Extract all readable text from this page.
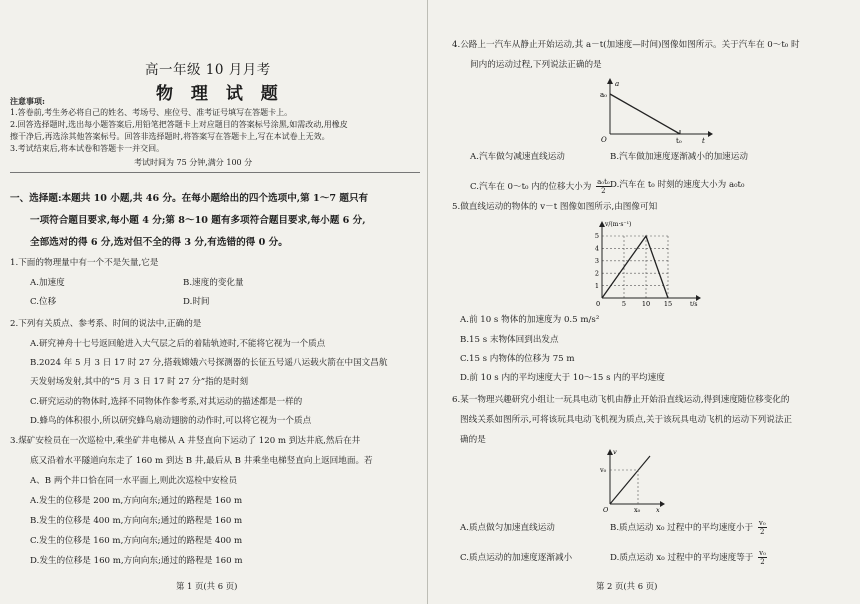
高一年级 10 月月考
物 理 试 题
注意事项:
1.答卷前,考生务必将自己的姓名、考场号、座位号、准考证号填写在答题卡上。
2.回答选择题时,选出每小题答案后,用铅笔把答题卡上对应题目的答案标号涂黑,如需改动,用橡皮
擦干净后,再选涂其他答案标号。回答非选择题时,将答案写在答题卡上,写在本试卷上无效。
3.考试结束后,将本试卷和答题卡一并交回。
考试时间为 75 分钟,满分 100 分
一、选择题:本题共 10 小题,共 46 分。在每小题给出的四个选项中,第 1～7 题只有
一项符合题目要求,每小题 4 分;第 8～10 题有多项符合题目要求,每小题 6 分,
全部选对的得 6 分,选对但不全的得 3 分,有选错的得 0 分。
1.下面的物理量中有一个不是矢量,它是
A.加速度	B.速度的变化量
C.位移	D.时间
2.下列有关质点、参考系、时间的说法中,正确的是
A.研究神舟十七号返回舱进入大气层之后的着陆轨迹时,不能将它视为一个质点
B.2024 年 5 月 3 日 17 时 27 分,搭载嫦娥六号探测器的长征五号遥八运载火箭在中国文昌航
天发射场发射,其中的“5 月 3 日 17 时 27 分”指的是时刻
C.研究运动的物体时,选择不同物体作参考系,对其运动的描述都是一样的
D.蜂鸟的体积很小,所以研究蜂鸟扇动翅膀的动作时,可以将它视为一个质点
3.煤矿安检员在一次巡检中,乘坐矿井电梯从 A 井竖直向下运动了 120 m 到达井底,然后在井
底又沿着水平隧道向东走了 160 m 到达 B 井,最后从 B 井乘坐电梯竖直向上返回地面。若
A、B 两个井口恰在同一水平面上,则此次巡检中安检员
A.发生的位移是 200 m,方向向东;通过的路程是 160 m
B.发生的位移是 400 m,方向向东;通过的路程是 160 m
C.发生的位移是 160 m,方向向东;通过的路程是 400 m
D.发生的位移是 160 m,方向向东;通过的路程是 160 m
第 1 页(共 6 页)
4.公路上一汽车从静止开始运动,其 a－t(加速度—时间)图像如图所示。关于汽车在 0～t₀ 时
间内的运动过程,下列说法正确的是
a₀
a
O	t₀	t
A.汽车做匀减速直线运动	B.汽车做加速度逐渐减小的加速运动
C.汽车在 0～t₀ 内的位移大小为 $\frac{\text{a₀t₀}}{2} D$.汽车在 t₀ 时刻的速度大小为 a₀t₀
5.做直线运动的物体的 v－t 图像如图所示,由图像可知
v/(m·s⁻¹)
1
2
3
4
5
5 10 15
0	t/s
A.前 10 s 物体的加速度为 0.5 m/s²
B.15 s 末物体回到出发点
C.15 s 内物体的位移为 75 m
D.前 10 s 内的平均速度大于 10～15 s 内的平均速度
6.某一物理兴趣研究小组让一玩具电动飞机由静止开始沿直线运动,得到速度随位移变化的
图线关系如图所示,可将该玩具电动飞机视为质点,关于该玩具电动飞机的运动下列说法正
确的是
v
v₀
O	x₀ x
A.质点做匀加速直线运动	B.质点运动 x₀ 过程中的平均速度小于 $\frac{\text{v₀}}{2}$
C.质点运动的加速度逐渐减小	D.质点运动 x₀ 过程中的平均速度等于 $\frac{\text{v₀}}{2}$
第 2 页(共 6 页)
